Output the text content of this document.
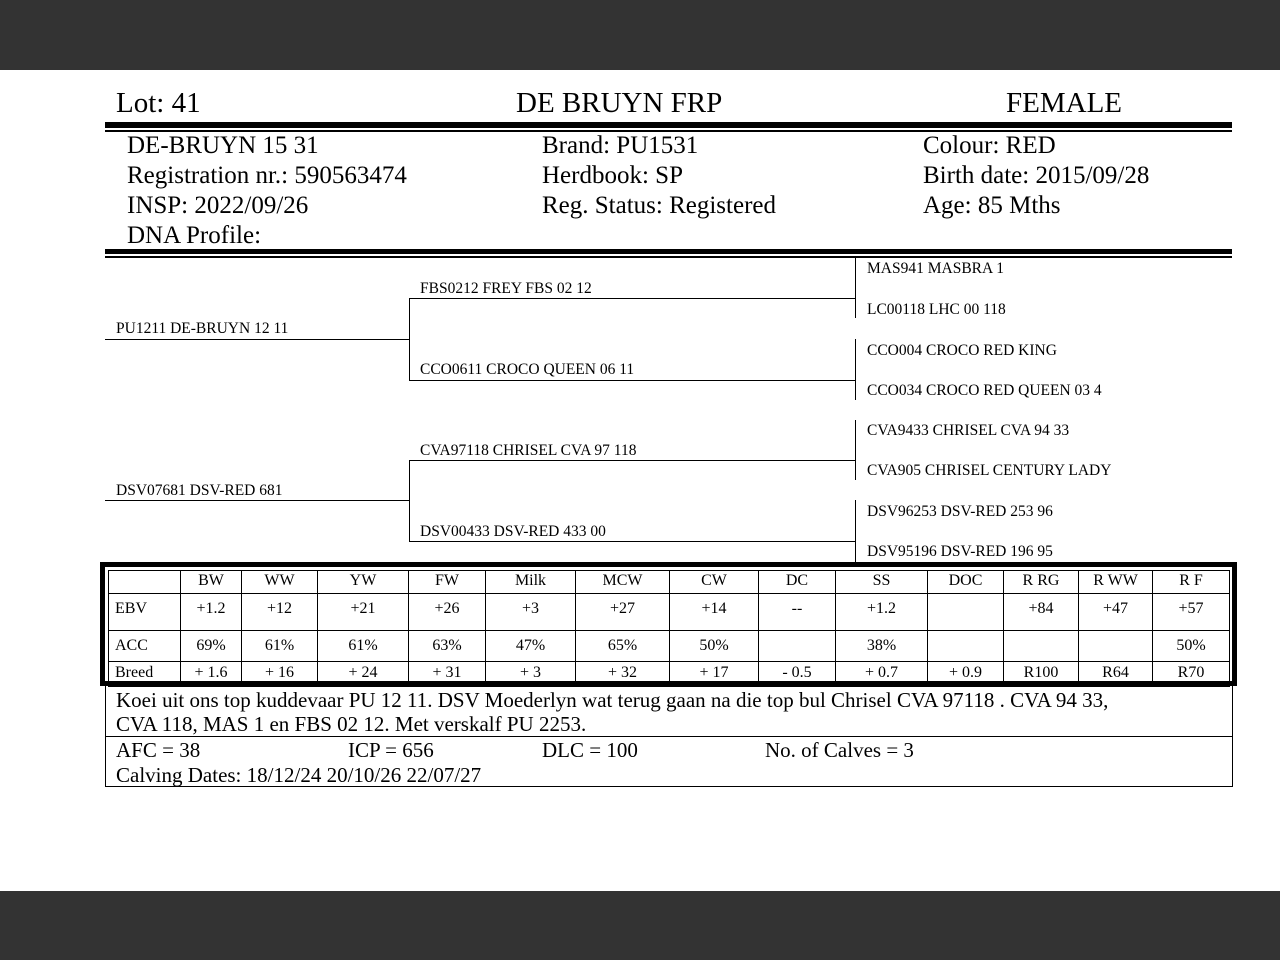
Lot: 41	DE BRUYN FRP	FEMALE
DE-BRUYN 15 31
Registration nr.: 590563474
INSP: 2022/09/26
DNA Profile:
Brand: PU1531
Herdbook: SP
Reg. Status: Registered
Colour: RED
Birth date: 2015/09/28
Age: 85 Mths
PU1211 DE-BRUYN 12 11
DSV07681 DSV-RED 681
FBS0212 FREY FBS 02 12
CCO0611 CROCO QUEEN 06 11
CVA97118 CHRISEL CVA 97 118
DSV00433 DSV-RED 433 00
MAS941 MASBRA 1
LC00118 LHC 00 118
CCO004 CROCO RED KING
CCO034 CROCO RED QUEEN 03 4
CVA9433 CHRISEL CVA 94 33
CVA905 CHRISEL CENTURY LADY
DSV96253 DSV-RED 253 96
DSV95196 DSV-RED 196 95
	BW	WW	YW	FW	Milk	MCW	CW	DC	SS	DOC	R RG	R WW	R F
EBV	+1.2	+12	+21	+26	+3	+27	+14	--	+1.2		+84	+47	+57
ACC	69%	61%	61%	63%	47%	65%	50%		38%				50%
Breed	+ 1.6	+ 16	+ 24	+ 31	+ 3	+ 32	+ 17	- 0.5	+ 0.7	+ 0.9	R100	R64	R70
Koei uit ons top kuddevaar PU 12 11. DSV Moederlyn wat terug gaan na die top bul Chrisel CVA 97118 . CVA 94 33,
CVA 118, MAS 1 en FBS 02 12. Met verskalf PU 2253.
AFC = 38	ICP = 656	DLC = 100	No. of Calves = 3
Calving Dates: 18/12/24 20/10/26 22/07/27
